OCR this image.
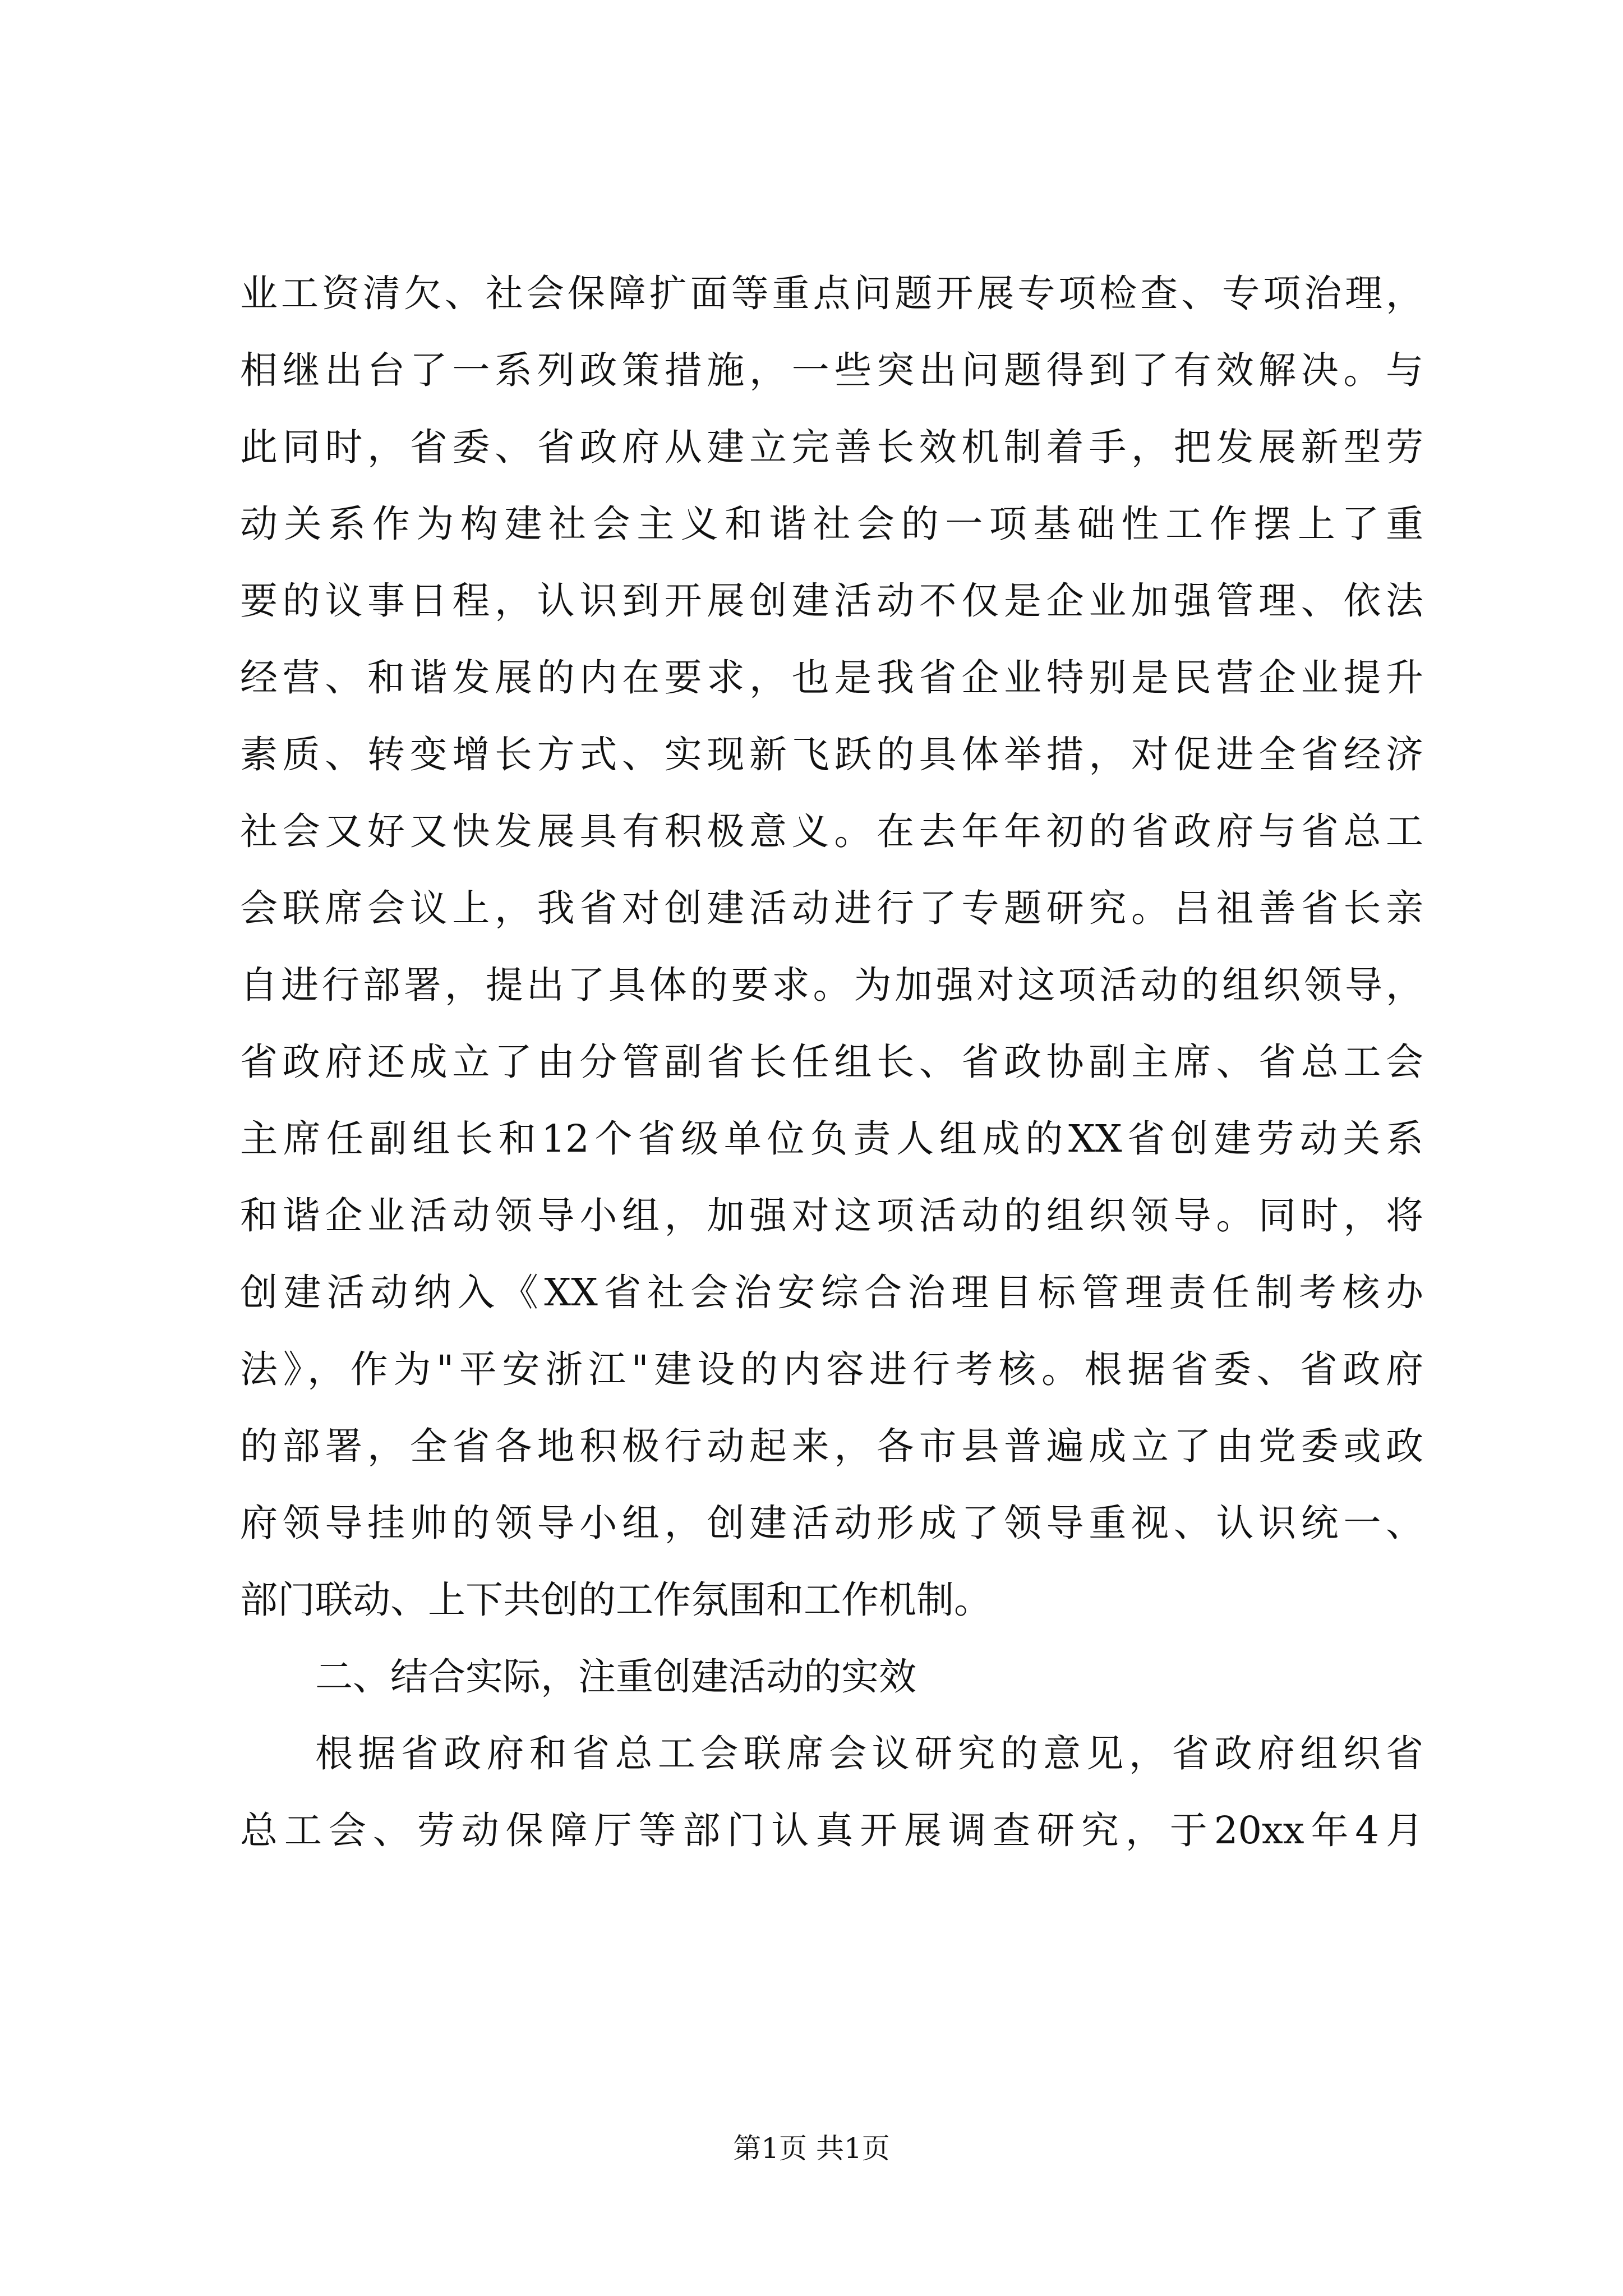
业工资清欠、社会保障扩面等重点问题开展专项检查、专项治理，
相继出台了一系列政策措施，一些突出问题得到了有效解决。与
此同时，省委、省政府从建立完善长效机制着手，把发展新型劳
动关系作为构建社会主义和谐社会的一项基础性工作摆上了重
要的议事日程，认识到开展创建活动不仅是企业加强管理、依法
经营、和谐发展的内在要求，也是我省企业特别是民营企业提升
素质、转变增长方式、实现新飞跃的具体举措，对促进全省经济
社会又好又快发展具有积极意义。在去年年初的省政府与省总工
会联席会议上，我省对创建活动进行了专题研究。吕祖善省长亲
自进行部署，提出了具体的要求。为加强对这项活动的组织领导，
省政府还成立了由分管副省长任组长、省政协副主席、省总工会
主席任副组长和12个省级单位负责人组成的XX省创建劳动关系
和谐企业活动领导小组，加强对这项活动的组织领导。同时，将
创建活动纳入《XX省社会治安综合治理目标管理责任制考核办
法》，作为"平安浙江"建设的内容进行考核。根据省委、省政府
的部署，全省各地积极行动起来，各市县普遍成立了由党委或政
府领导挂帅的领导小组，创建活动形成了领导重视、认识统一、
部门联动、上下共创的工作氛围和工作机制。
二、结合实际，注重创建活动的实效
根据省政府和省总工会联席会议研究的意见，省政府组织省
总工会、劳动保障厅等部门认真开展调查研究，于20xx年4月
第1页 共1页
